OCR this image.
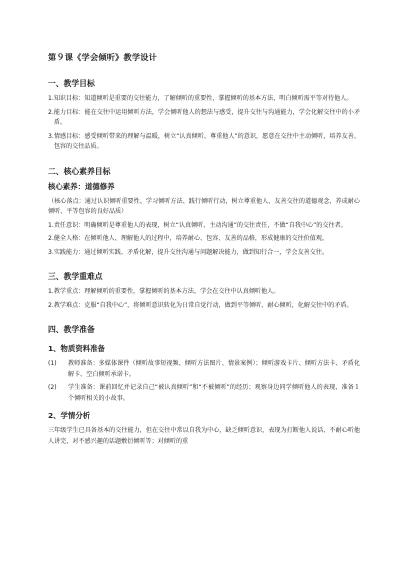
第９课《学会倾听》教学设计
一、教学目标
1. 知识目标：知道倾听是重要的交往能力，了解倾听的重要性，掌握倾听的基本方法，明白倾听需平等对待他人。
2. 能力目标：能在交往中运用倾听方法，学会倾听他人的想法与感受，提升交往与沟通能力，学会化解交往中的小矛盾。
3. 情感目标：感受倾听带来的理解与温暖，树立“认真倾听、尊重他人”的意识，愿意在交往中主动倾听，培养友善、包容的交往品质。
二、核心素养目标
核心素养：道德修养
（核心落点：通过认识倾听重要性、学习倾听方法、践行倾听行动，树立尊重他人、友善交往的道德观念，养成耐心倾听、平等包容的良好品质）
1. 责任意识：明确倾听是尊重他人的表现，树立“认真倾听、主动沟通”的交往责任，不做“自我中心”的交往者。
2. 健全人格：在倾听他人、理解他人的过程中，培养耐心、包容、友善的品格，形成健康的交往价值观。
3. 实践能力：通过倾听实践、矛盾化解，提升交往沟通与问题解决能力，做到知行合一，学会友善交往。
三、教学重难点
1. 教学重点：理解倾听的重要性，掌握倾听的基本方法，学会在交往中认真倾听他人。
2. 教学难点：克服“自我中心”，将倾听意识转化为日常自觉行动，做到平等倾听、耐心倾听，化解交往中的矛盾。
四、教学准备
1、物质资料准备
(1)	教师准备：多媒体课件（倾听故事短视频、倾听方法图片、情景案例）；倾听游戏卡片、倾听方法卡、矛盾化解卡、空白倾听承诺卡。
(2)	学生准备：课前回忆并记录自己“被认真倾听”和“不被倾听”的经历；观察身边同学倾听他人的表现，准备１个倾听相关的小故事。
2、学情分析
三年级学生已具备基本的交往能力，但在交往中常以自我为中心，缺乏倾听意识，表现为打断他人说话、不耐心听他人讲完、对不感兴趣的话题敷衍倾听等；对倾听的重
